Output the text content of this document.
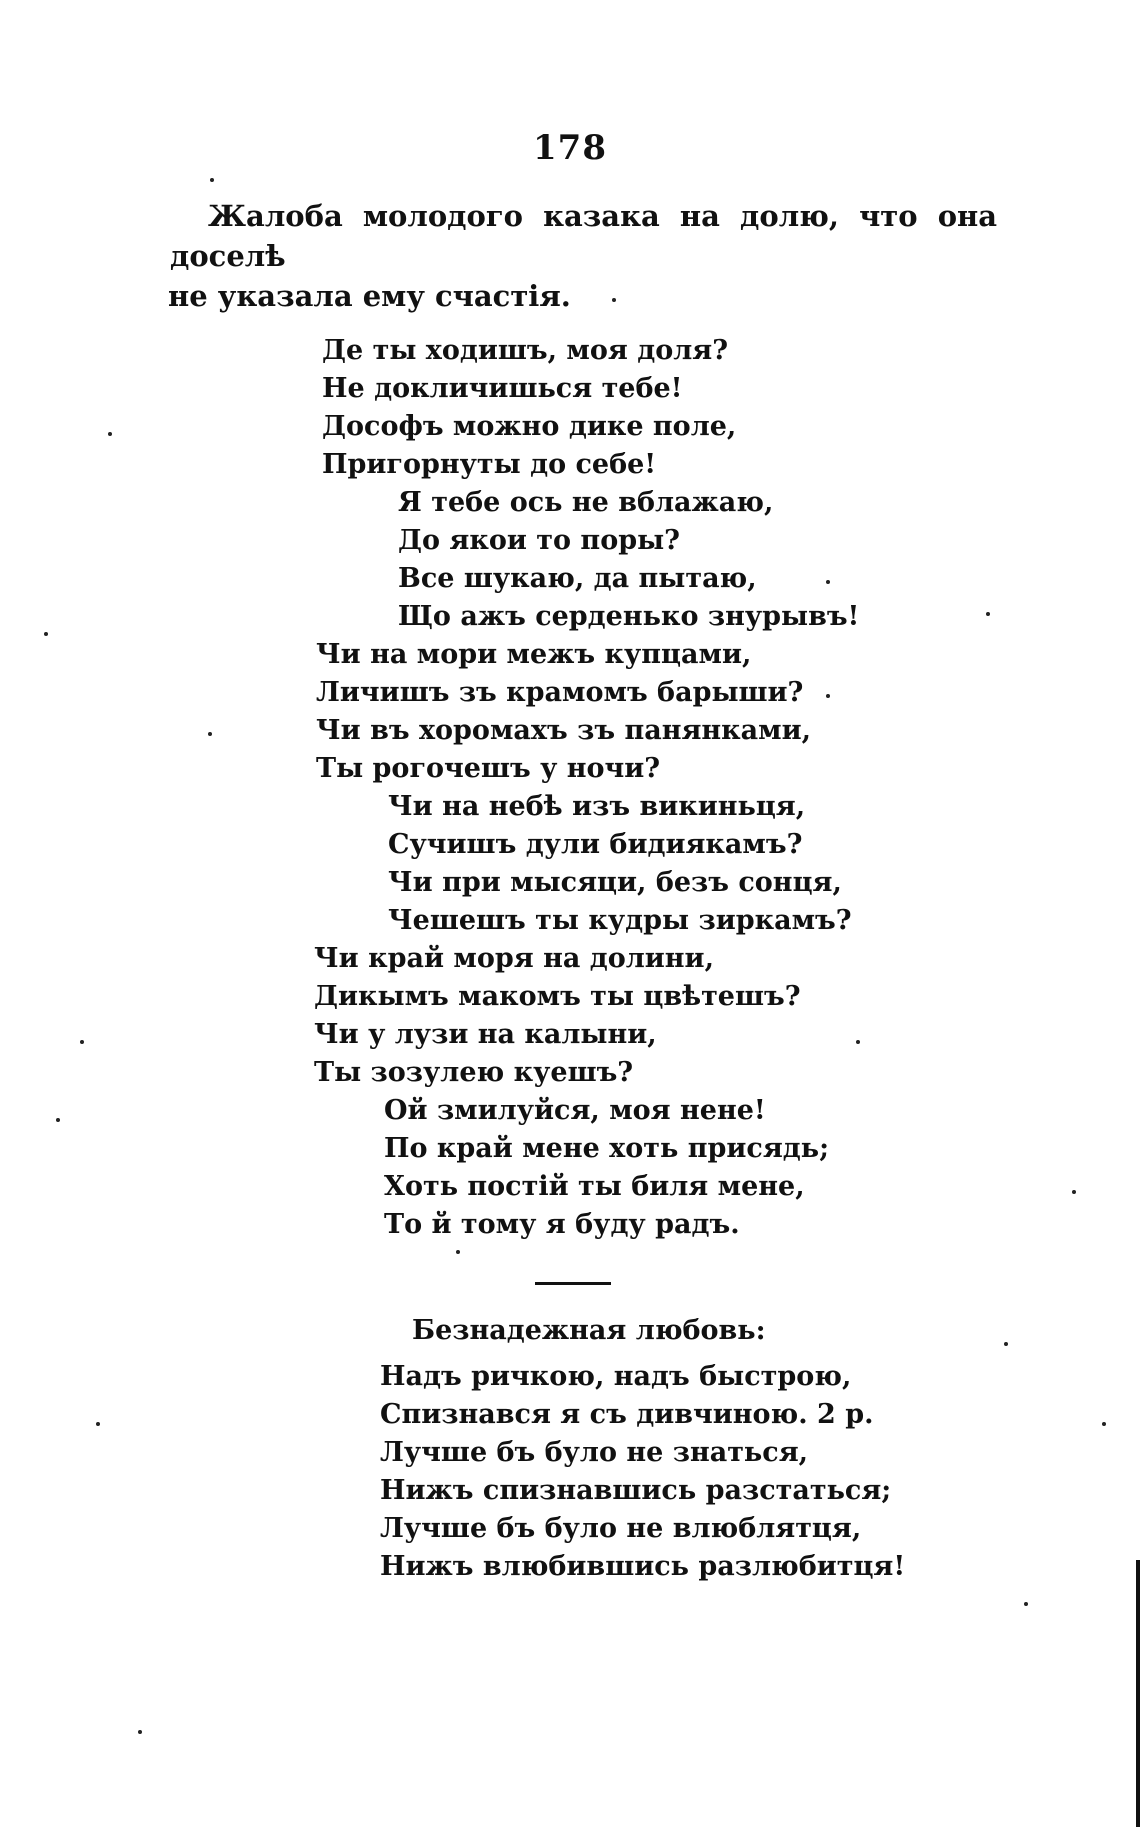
178
Жалоба молодого казака на долю, что она доселѣ
не указала ему счастія.
Де ты ходишъ, моя доля?
Не докличишься тебе!
Дософъ можно дике поле,
Пригорнуты до себе!
Я тебе ось не вблажаю,
До якои то поры?
Все шукаю, да пытаю,
Що ажъ серденько знурывъ!
Чи на мори межъ купцами,
Личишъ зъ крамомъ барыши?
Чи въ хоромахъ зъ панянками,
Ты рогочешъ у ночи?
Чи на небѣ изъ викиньця,
Сучишъ дули бидиякамъ?
Чи при мысяци, безъ сонця,
Чешешъ ты кудры зиркамъ?
Чи край моря на долини,
Дикымъ макомъ ты цвѣтешъ?
Чи у лузи на калыни,
Ты зозулею куешъ?
Ой змилуйся, моя нене!
По край мене хоть присядь;
Хоть постій ты биля мене,
То й тому я буду радъ.
Безнадежная любовь:
Надъ ричкою, надъ быстрою,
Спизнався я съ дивчиною. 2 р.
Лучше бъ було не знаться,
Нижъ спизнавшись разстаться;
Лучше бъ було не влюблятця,
Нижъ влюбившись разлюбитця!
